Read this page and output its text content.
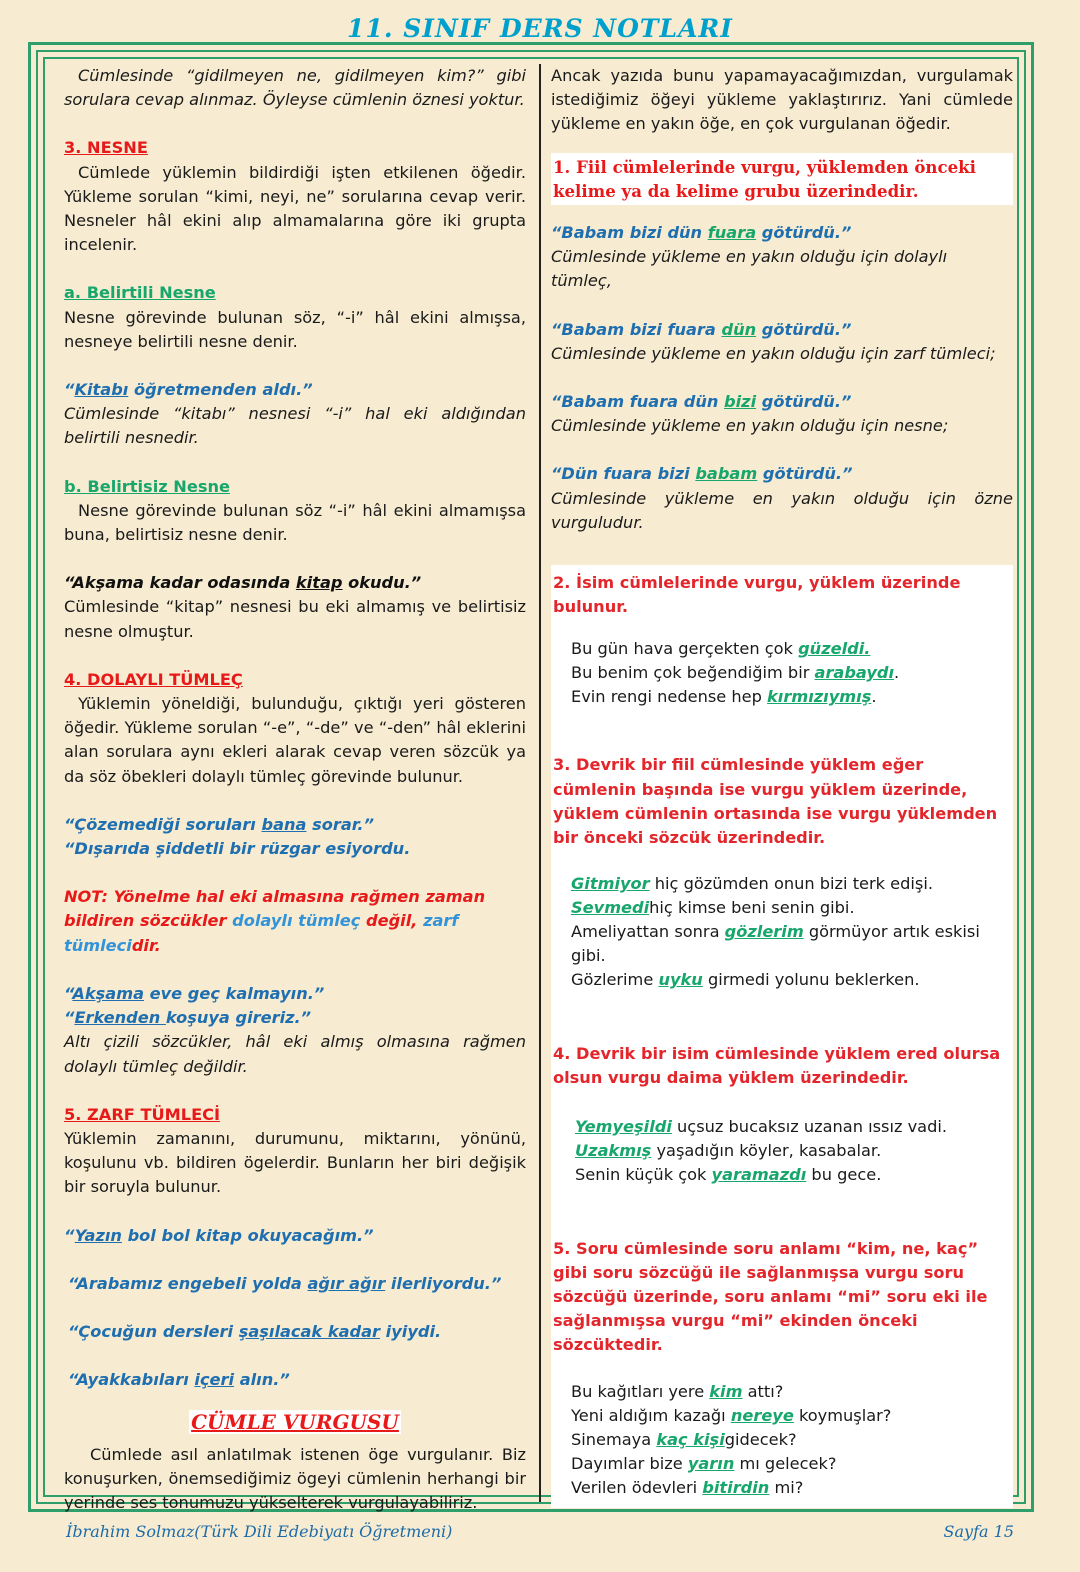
11. SINIF DERS NOTLARI

Cümlesinde “gidilmeyen ne, gidilmeyen kim?” gibi sorulara cevap alınmaz. Öyleyse cümlenin öznesi yoktur.

3. NESNE

Cümlede yüklemin bildirdiği işten etkilenen öğedir. Yükleme sorulan “kimi, neyi, ne” sorularına cevap verir. Nesneler hâl ekini alıp almamalarına göre iki grupta incelenir.

a. Belirtili Nesne

Nesne görevinde bulunan söz, “-i” hâl ekini almışsa, nesneye belirtili nesne denir.

“Kitabı öğretmenden aldı.”

Cümlesinde “kitabı” nesnesi “-i” hal eki aldığından belirtili nesnedir.

b. Belirtisiz Nesne

Nesne görevinde bulunan söz “-i” hâl ekini almamışsa buna, belirtisiz nesne denir.

“Akşama kadar odasında kitap okudu.”

Cümlesinde “kitap” nesnesi bu eki almamış ve belirtisiz nesne olmuştur.

4. DOLAYLI TÜMLEÇ

Yüklemin yöneldiği, bulunduğu, çıktığı yeri gösteren öğedir. Yükleme sorulan “-e”, “-de” ve “-den” hâl eklerini alan sorulara aynı ekleri alarak cevap veren sözcük ya da söz öbekleri dolaylı tümleç görevinde bulunur.

“Çözemediği soruları bana sorar.”
“Dışarıda şiddetli bir rüzgar esiyordu.

NOT: Yönelme hal eki almasına rağmen zaman bildiren sözcükler dolaylı tümleç değil, zarf tümlecidir.

“Akşama eve geç kalmayın.”
“Erkenden koşuya gireriz.”

Altı çizili sözcükler, hâl eki almış olmasına rağmen dolaylı tümleç değildir.

5. ZARF TÜMLECİ

Yüklemin zamanını, durumunu, miktarını, yönünü, koşulunu vb. bildiren ögelerdir. Bunların her biri değişik bir soruyla bulunur.

“Yazın bol bol kitap okuyacağım.”

“Arabamız engebeli yolda ağır ağır ilerliyordu.”

“Çocuğun dersleri şaşılacak kadar iyiydi.

“Ayakkabıları içeri alın.”

CÜMLE VURGUSU

Cümlede asıl anlatılmak istenen öge vurgulanır. Biz konuşurken, önemsediğimiz ögeyi cümlenin herhangi bir yerinde ses tonumuzu yükselterek vurgulayabiliriz.

Ancak yazıda bunu yapamayacağımızdan, vurgulamak istediğimiz öğeyi yükleme yaklaştırırız. Yani cümlede yükleme en yakın öğe, en çok vurgulanan öğedir.

1. Fiil cümlelerinde vurgu, yüklemden önceki kelime ya da kelime grubu üzerindedir.

“Babam bizi dün fuara götürdü.”

Cümlesinde yükleme en yakın olduğu için dolaylı tümleç,

“Babam bizi fuara dün götürdü.”

Cümlesinde yükleme en yakın olduğu için zarf tümleci;

“Babam fuara dün bizi götürdü.”

Cümlesinde yükleme en yakın olduğu için nesne;

“Dün fuara bizi babam götürdü.”

Cümlesinde yükleme en yakın olduğu için özne vurguludur.

2. İsim cümlelerinde vurgu, yüklem üzerinde bulunur.

Bu gün hava gerçekten çok güzeldi.
Bu benim çok beğendiğim bir arabaydı.
Evin rengi nedense hep kırmızıymış.

3. Devrik bir fiil cümlesinde yüklem eğer cümlenin başında ise vurgu yüklem üzerinde, yüklem cümlenin ortasında ise vurgu yüklemden bir önceki sözcük üzerindedir.

Gitmiyor hiç gözümden onun bizi terk edişi.
Sevmedihiç kimse beni senin gibi.
Ameliyattan sonra gözlerim görmüyor artık eskisi gibi.
Gözlerime uyku girmedi yolunu beklerken.

4. Devrik bir isim cümlesinde yüklem ered olursa olsun vurgu daima yüklem üzerindedir.

Yemyeşildi uçsuz bucaksız uzanan ıssız vadi.
Uzakmış yaşadığın köyler, kasabalar.
Senin küçük çok yaramazdı bu gece.

5. Soru cümlesinde soru anlamı “kim, ne, kaç” gibi soru sözcüğü ile sağlanmışsa vurgu soru sözcüğü üzerinde, soru anlamı “mi” soru eki ile sağlanmışsa vurgu “mi” ekinden önceki sözcüktedir.

Bu kağıtları yere kim attı?
Yeni aldığım kazağı nereye koymuşlar?
Sinemaya kaç kişigidecek?
Dayımlar bize yarın mı gelecek?
Verilen ödevleri bitirdin mi?
İbrahim Solmaz(Türk Dili Edebiyatı Öğretmeni)	Sayfa 15
